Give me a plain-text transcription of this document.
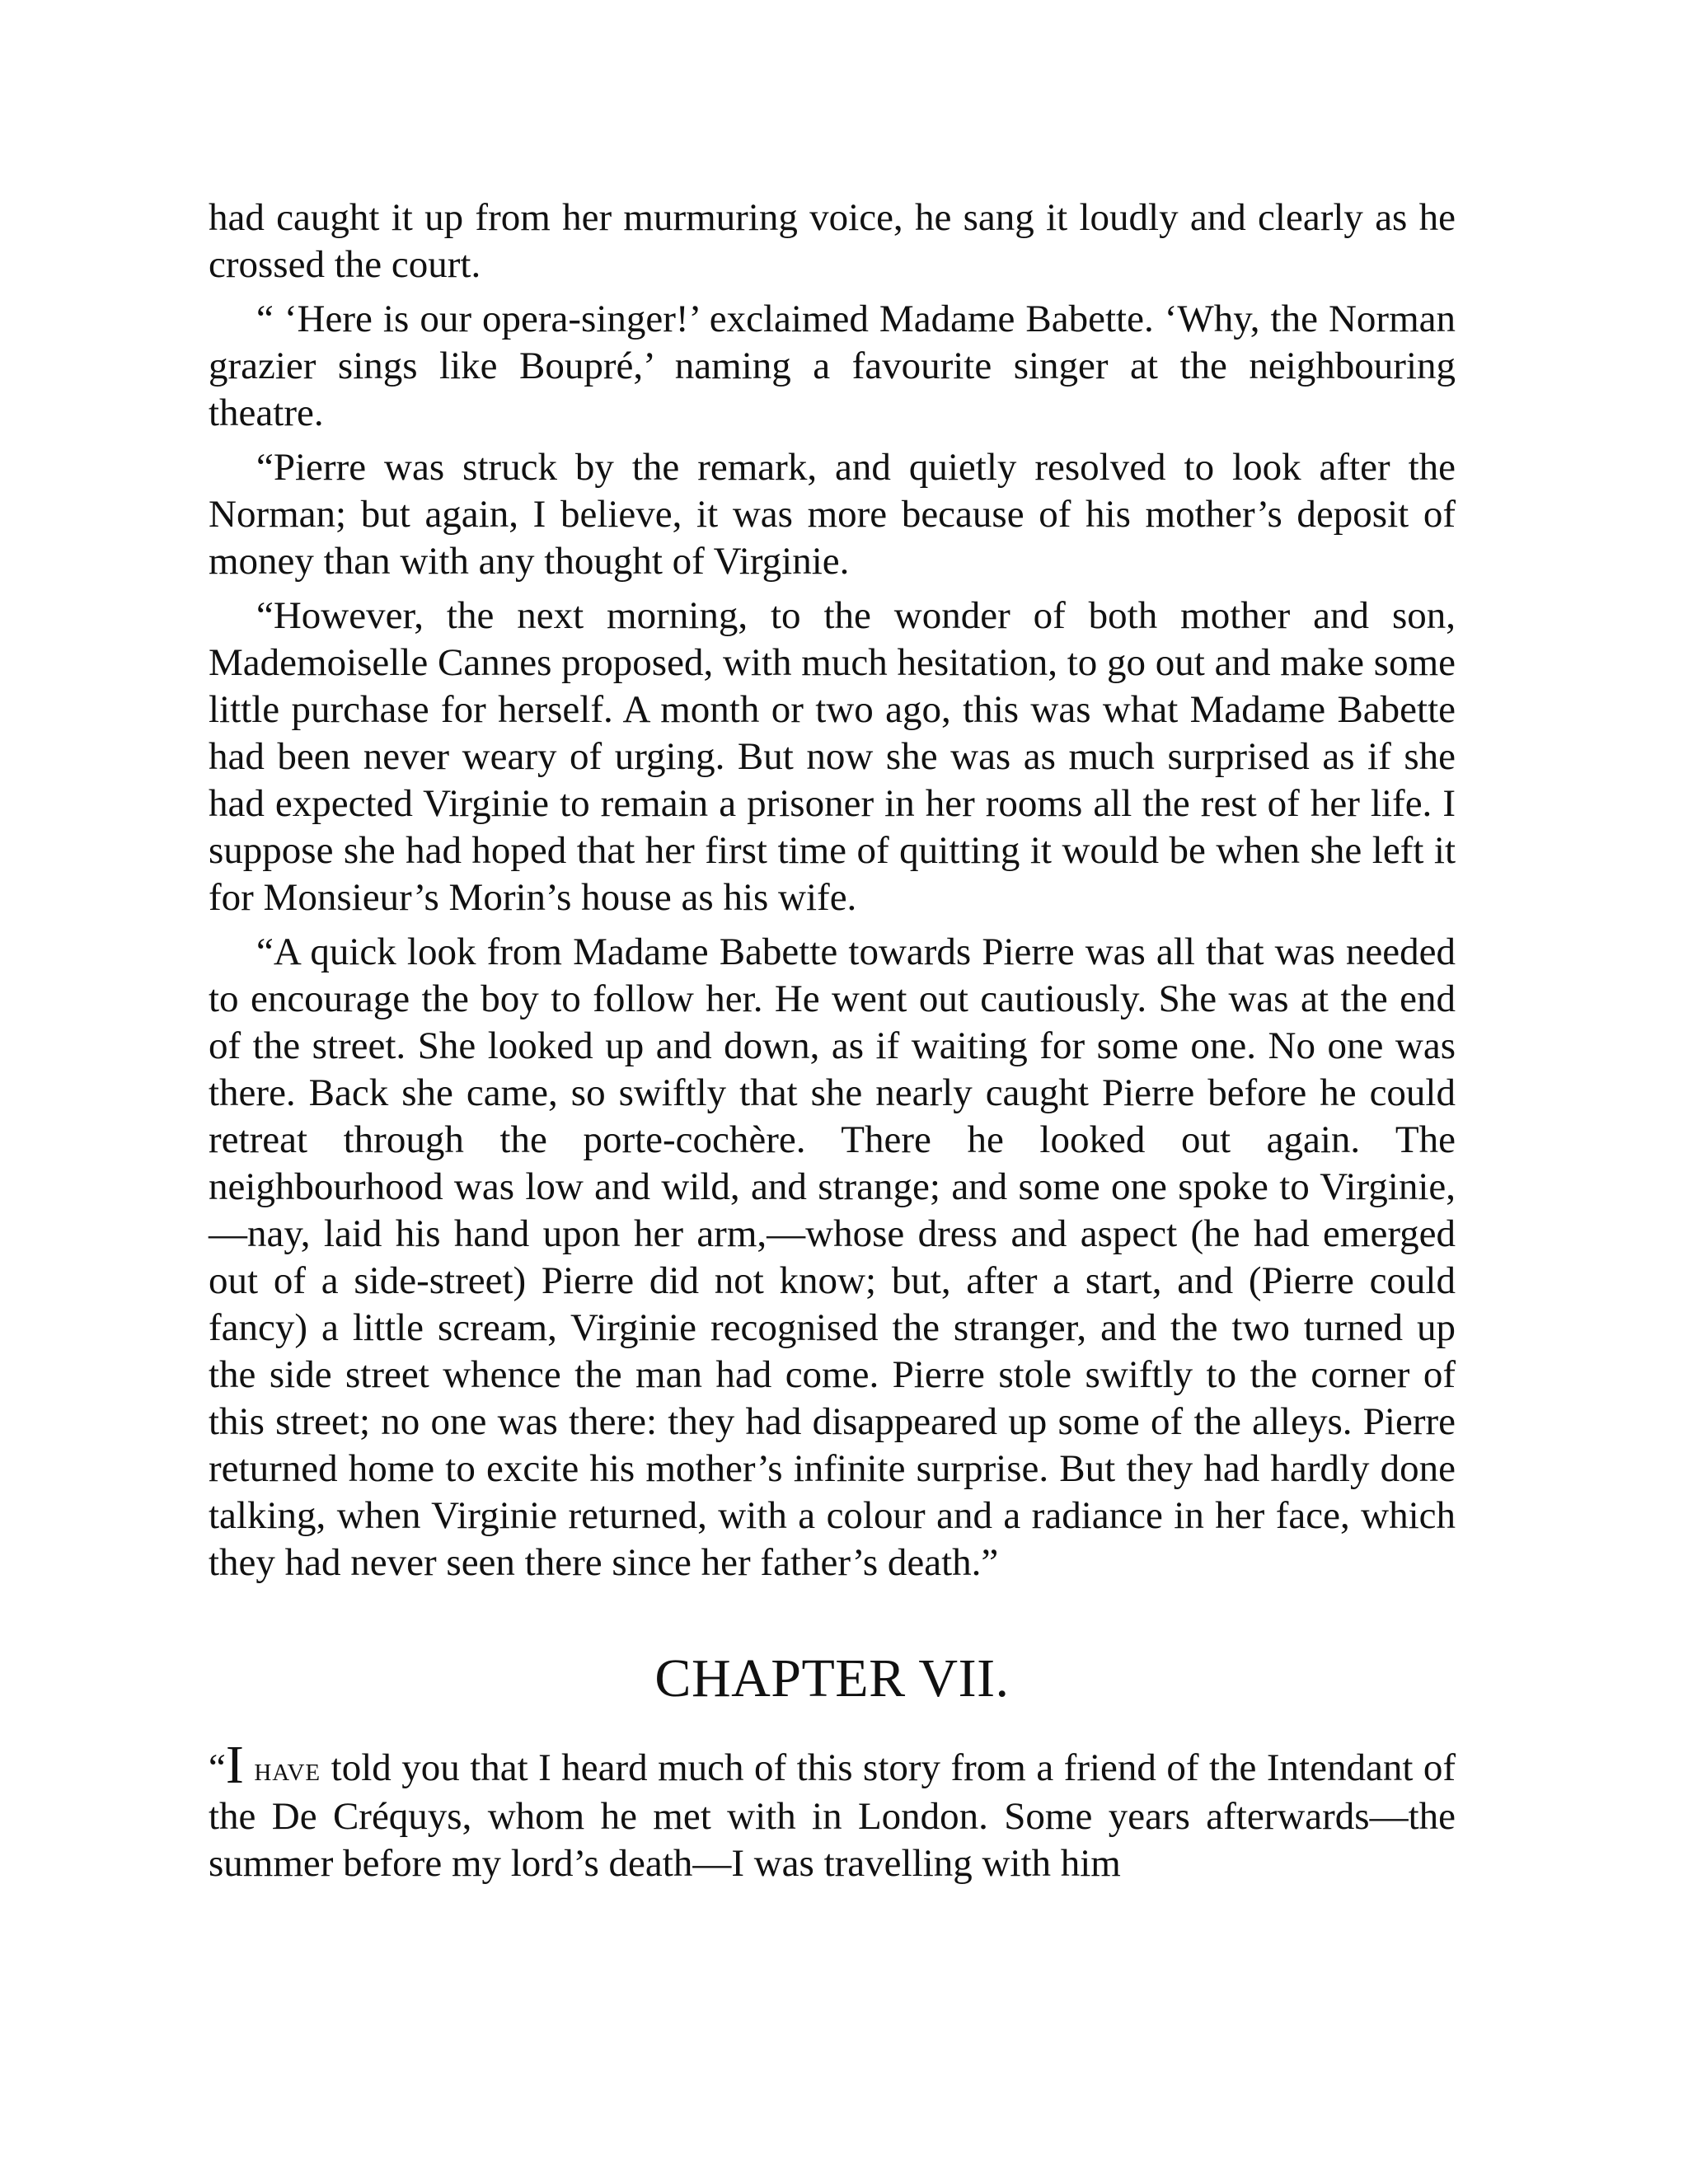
had caught it up from her murmuring voice, he sang it loudly and clearly as he crossed the court.

“ ‘Here is our opera-singer!’ exclaimed Madame Babette. ‘Why, the Norman grazier sings like Boupré,’ naming a favourite singer at the neighbouring theatre.

“Pierre was struck by the remark, and quietly resolved to look after the Norman; but again, I believe, it was more because of his mother’s deposit of money than with any thought of Virginie.

“However, the next morning, to the wonder of both mother and son, Mademoiselle Cannes proposed, with much hesitation, to go out and make some little purchase for herself. A month or two ago, this was what Madame Babette had been never weary of urging. But now she was as much surprised as if she had expected Virginie to remain a prisoner in her rooms all the rest of her life. I suppose she had hoped that her first time of quitting it would be when she left it for Monsieur’s Morin’s house as his wife.

“A quick look from Madame Babette towards Pierre was all that was needed to encourage the boy to follow her. He went out cautiously. She was at the end of the street. She looked up and down, as if waiting for some one. No one was there. Back she came, so swiftly that she nearly caught Pierre before he could retreat through the porte-cochère. There he looked out again. The neighbourhood was low and wild, and strange; and some one spoke to Virginie,—nay, laid his hand upon her arm,—whose dress and aspect (he had emerged out of a side-street) Pierre did not know; but, after a start, and (Pierre could fancy) a little scream, Virginie recognised the stranger, and the two turned up the side street whence the man had come. Pierre stole swiftly to the corner of this street; no one was there: they had disappeared up some of the alleys. Pierre returned home to excite his mother’s infinite surprise. But they had hardly done talking, when Virginie returned, with a colour and a radiance in her face, which they had never seen there since her father’s death.”

CHAPTER VII.

“I have told you that I heard much of this story from a friend of the Intendant of the De Créquys, whom he met with in London. Some years afterwards—the summer before my lord’s death—I was travelling with him
